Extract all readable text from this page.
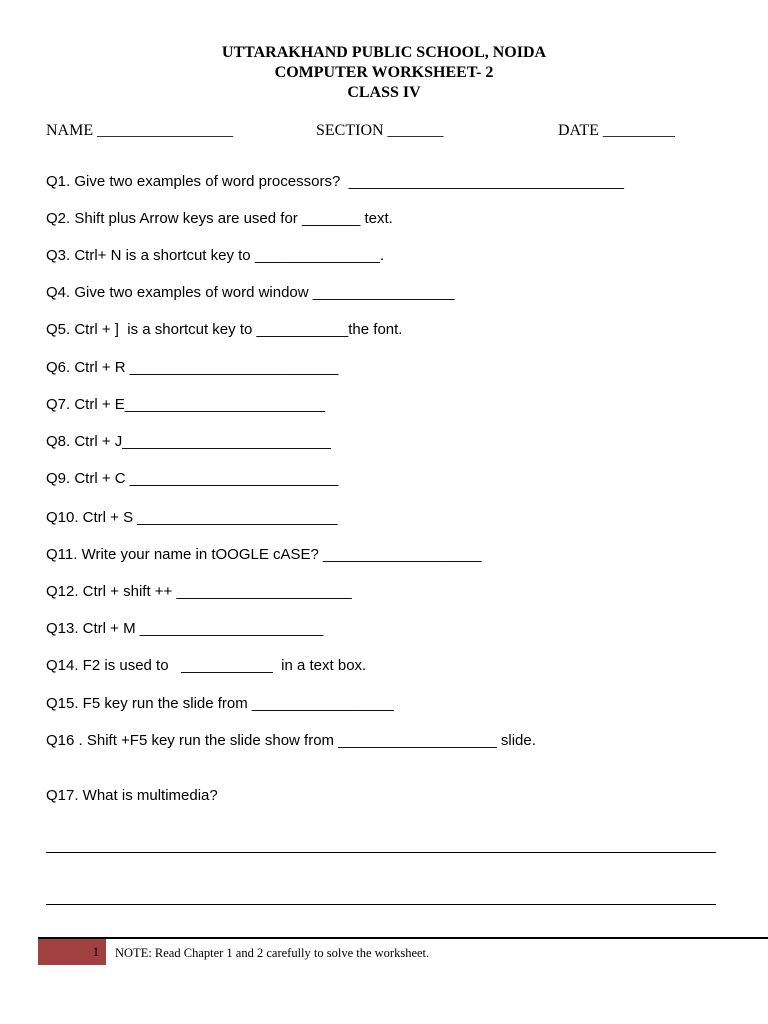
UTTARAKHAND PUBLIC SCHOOL, NOIDA
COMPUTER WORKSHEET- 2
CLASS IV
NAME _________________	SECTION _______	DATE _________
Q1. Give two examples of word processors?  _________________________________
Q2. Shift plus Arrow keys are used for _______ text.
Q3. Ctrl+ N is a shortcut key to _______________.
Q4. Give two examples of word window _________________
Q5. Ctrl + ]  is a shortcut key to ___________the font.
Q6. Ctrl + R _________________________
Q7. Ctrl + E________________________
Q8. Ctrl + J_________________________
Q9. Ctrl + C _________________________
Q10. Ctrl + S ________________________
Q11. Write your name in tOOGLE cASE? ___________________
Q12. Ctrl + shift ++ _____________________
Q13. Ctrl + M ______________________
Q14. F2 is used to   ___________  in a text box.
Q15. F5 key run the slide from _________________
Q16 . Shift +F5 key run the slide show from ___________________ slide.
Q17. What is multimedia?
1 NOTE: Read Chapter 1 and 2 carefully to solve the worksheet.
